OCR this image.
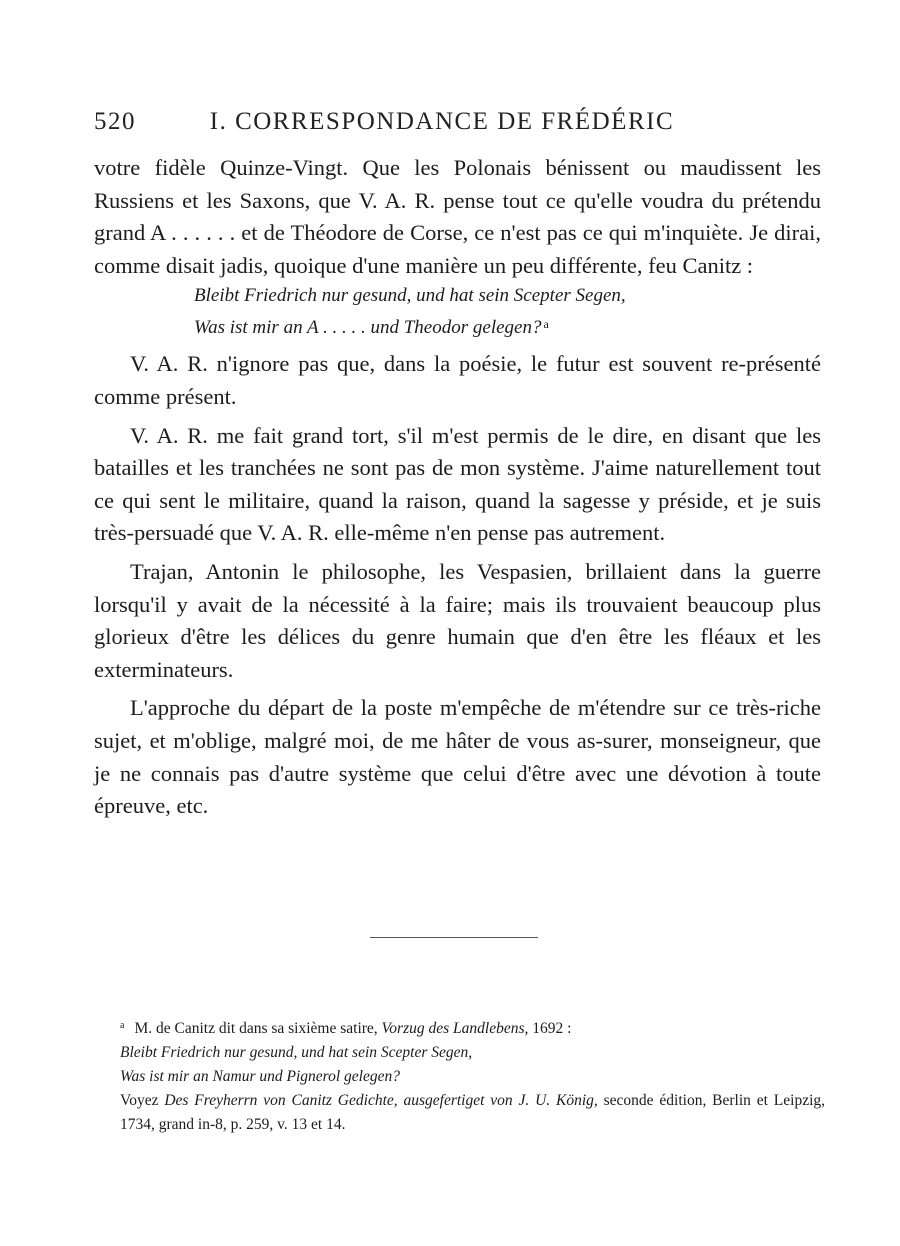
520	I. CORRESPONDANCE DE FRÉDÉRIC

votre fidèle Quinze-Vingt. Que les Polonais bénissent ou maudissent les Russiens et les Saxons, que V. A. R. pense tout ce qu'elle voudra du prétendu grand A . . . . . . et de Théodore de Corse, ce n'est pas ce qui m'inquiète. Je dirai, comme disait jadis, quoique d'une manière un peu différente, feu Canitz :

Bleibt Friedrich nur gesund, und hat sein Scepter Segen,
Was ist mir an A . . . . . und Theodor gelegen? $^a$

V. A. R. n'ignore pas que, dans la poésie, le futur est souvent re-présenté comme présent.

V. A. R. me fait grand tort, s'il m'est permis de le dire, en disant que les batailles et les tranchées ne sont pas de mon système. J'aime naturellement tout ce qui sent le militaire, quand la raison, quand la sagesse y préside, et je suis très-persuadé que V. A. R. elle-même n'en pense pas autrement.

Trajan, Antonin le philosophe, les Vespasien, brillaient dans la guerre lorsqu'il y avait de la nécessité à la faire; mais ils trouvaient beaucoup plus glorieux d'être les délices du genre humain que d'en être les fléaux et les exterminateurs.

L'approche du départ de la poste m'empêche de m'étendre sur ce très-riche sujet, et m'oblige, malgré moi, de me hâter de vous as-surer, monseigneur, que je ne connais pas d'autre système que celui d'être avec une dévotion à toute épreuve, etc.

$^a$ M. de Canitz dit dans sa sixième satire, Vorzug des Landlebens, 1692 :

Bleibt Friedrich nur gesund, und hat sein Scepter Segen,

Was ist mir an Namur und Pignerol gelegen?

Voyez Des Freyherrn von Canitz Gedichte, ausgefertiget von J. U. König, seconde édition, Berlin et Leipzig, 1734, grand in-8, p. 259, v. 13 et 14.
